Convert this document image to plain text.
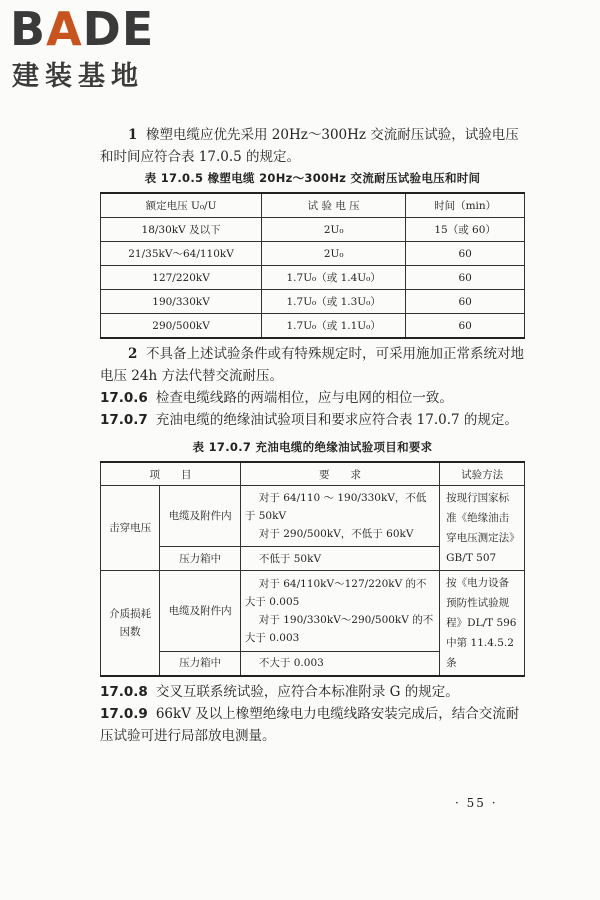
BADE
建装基地

1 橡塑电缆应优先采用 20Hz～300Hz 交流耐压试验，试验电压和时间应符合表 17.0.5 的规定。

表 17.0.5 橡塑电缆 20Hz～300Hz 交流耐压试验电压和时间
额定电压 U₀/U	试 验 电 压	时间（min）
18/30kV 及以下	2U₀	15（或 60）
21/35kV～64/110kV	2U₀	60
127/220kV	1.7U₀（或 1.4U₀）	60
190/330kV	1.7U₀（或 1.3U₀）	60
290/500kV	1.7U₀（或 1.1U₀）	60

2 不具备上述试验条件或有特殊规定时，可采用施加正常系统对地电压 24h 方法代替交流耐压。

17.0.6 检查电缆线路的两端相位，应与电网的相位一致。

17.0.7 充油电缆的绝缘油试验项目和要求应符合表 17.0.7 的规定。

表 17.0.7 充油电缆的绝缘油试验项目和要求
项　　目		要　　求	试验方法
击穿电压	电缆及附件内	对于 64/110 ～ 190/330kV，不低于 50kV
对于 290/500kV，不低于 60kV	按现行国家标准《绝缘油击穿电压测定法》GB/T 507
	压力箱中	不低于 50kV	

介质损耗因数	电缆及附件内	对于 64/110kV～127/220kV 的不大于 0.005
对于 190/330kV～290/500kV 的不大于 0.003	按《电力设备预防性试验规程》DL/T 596 中第 11.4.5.2 条
	压力箱中	不大于 0.003	

17.0.8 交叉互联系统试验，应符合本标准附录 G 的规定。

17.0.9 66kV 及以上橡塑绝缘电力电缆线路安装完成后，结合交流耐压试验可进行局部放电测量。

· 55 ·
